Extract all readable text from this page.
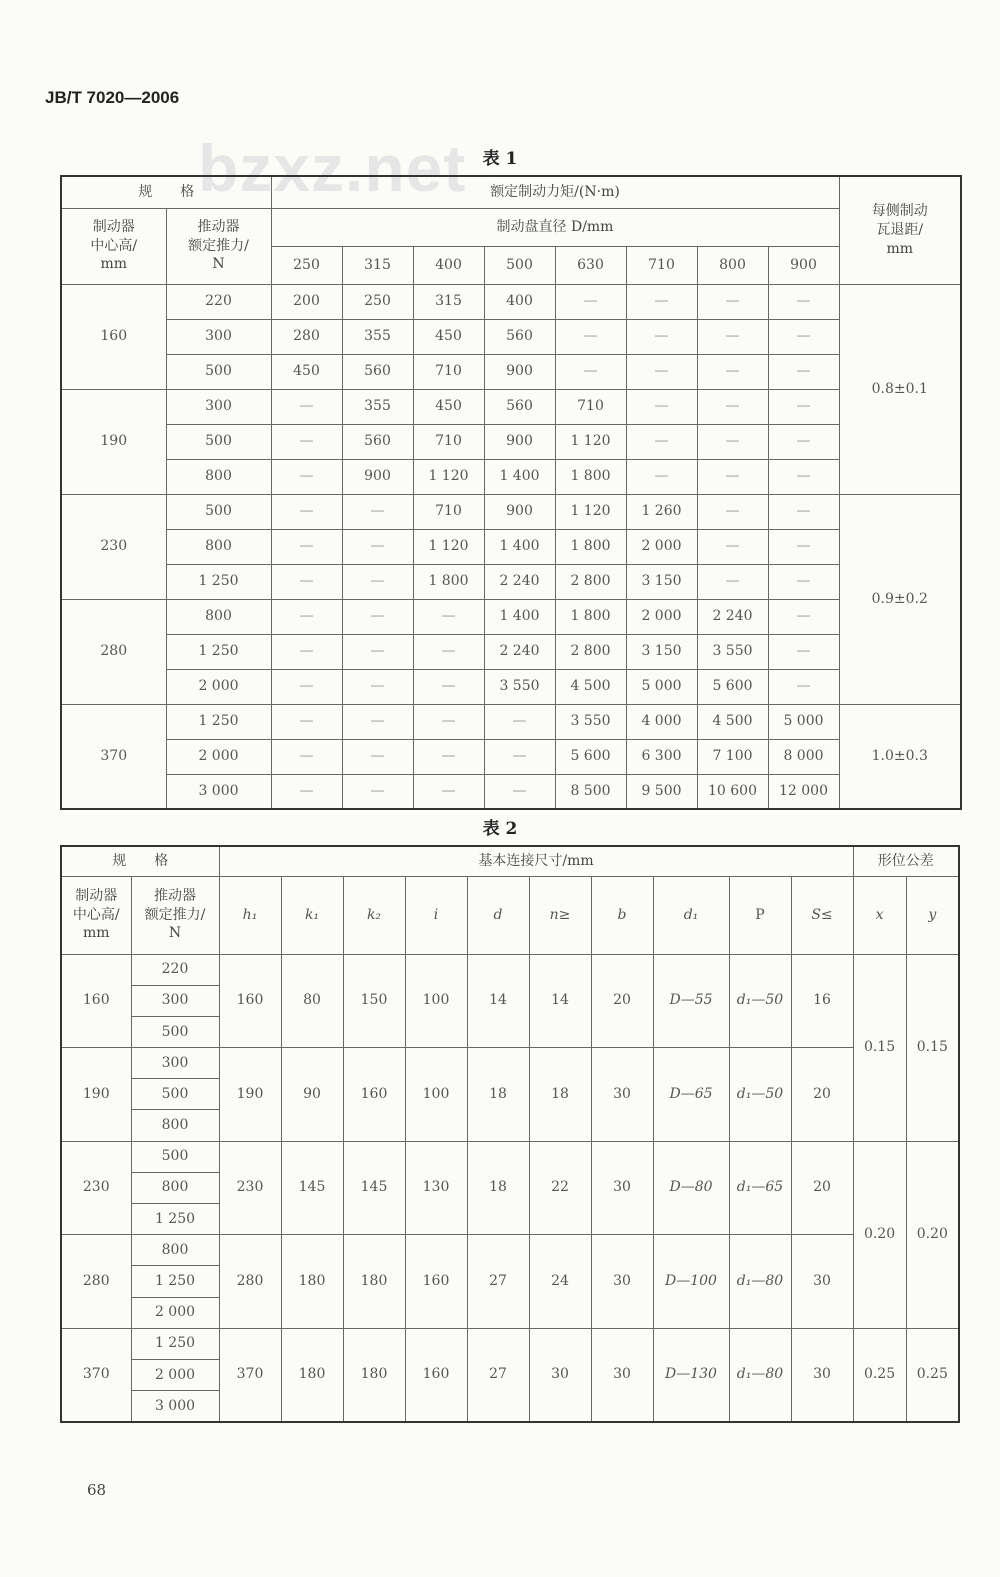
JB/T 7020—2006
bzxz.net 表 1
规　　格		额定制动力矩/(N·m)								每侧制动
瓦退距/
mm
制动器
中心高/
mm	推动器
额定推力/
N	制动盘直径 D/mm								
		250	315	400	500	630	710	800	900	
160	220	200	250	315	400	—	—	—	—	0.8±0.1
	300	280	355	450	560	—	—	—	—	
	500	450	560	710	900	—	—	—	—	
190	300	—	355	450	560	710	—	—	—	
	500	—	560	710	900	1 120	—	—	—	
	800	—	900	1 120	1 400	1 800	—	—	—	
230	500	—	—	710	900	1 120	1 260	—	—	0.9±0.2
	800	—	—	1 120	1 400	1 800	2 000	—	—	
	1 250	—	—	1 800	2 240	2 800	3 150	—	—	
280	800	—	—	—	1 400	1 800	2 000	2 240	—	
	1 250	—	—	—	2 240	2 800	3 150	3 550	—	
	2 000	—	—	—	3 550	4 500	5 000	5 600	—	
370	1 250	—	—	—	—	3 550	4 000	4 500	5 000	1.0±0.3
	2 000	—	—	—	—	5 600	6 300	7 100	8 000	
	3 000	—	—	—	—	8 500	9 500	10 600	12 000	
表 2
规　　格		基本连接尺寸/mm										形位公差	
制动器
中心高/
mm	推动器
额定推力/
N	h₁	k₁	k₂	i	d	n≥	b	d₁	P	S≤	x	y
160	220	160	80	150	100	14	14	20	D—55	d₁—50	16	0.15	0.15
	300												
	500												
190	300	190	90	160	100	18	18	30	D—65	d₁—50	20		
	500												
	800												
230	500	230	145	145	130	18	22	30	D—80	d₁—65	20	0.20	0.20
	800												
	1 250												
280	800	280	180	180	160	27	24	30	D—100	d₁—80	30		
	1 250												
	2 000												
370	1 250	370	180	180	160	27	30	30	D—130	d₁—80	30	0.25	0.25
	2 000												
	3 000												
68
